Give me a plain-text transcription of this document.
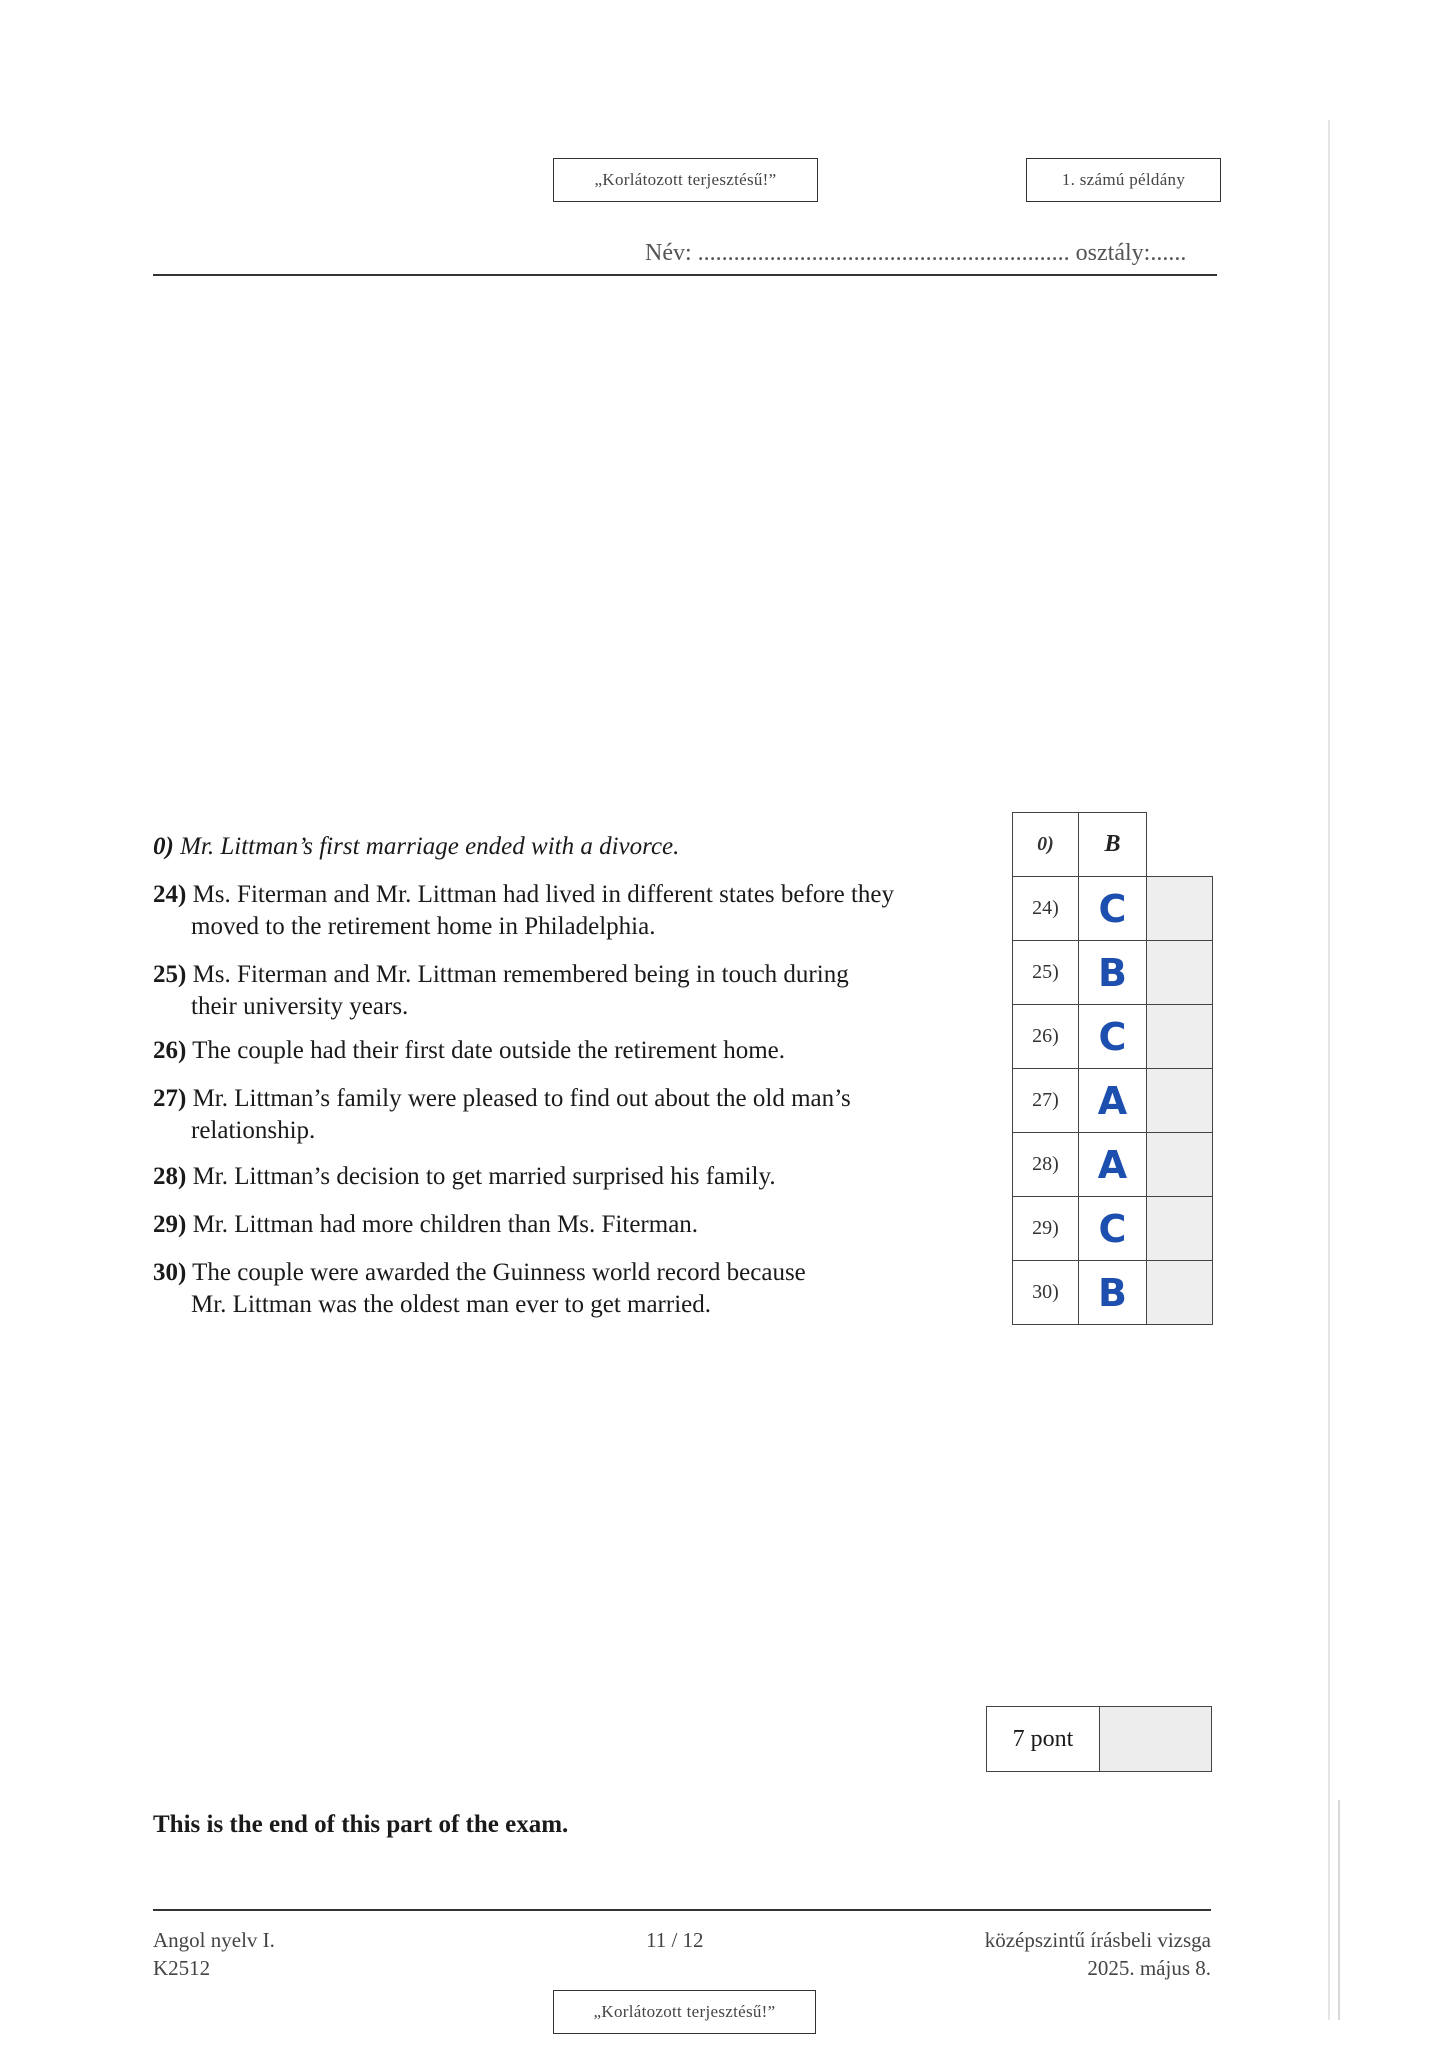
„Korlátozott terjesztésű!”	1. számú példány
Név: .............................................................. osztály:......
0) Mr. Littman’s first marriage ended with a divorce.
24) Ms. Fiterman and Mr. Littman had lived in different states before they
moved to the retirement home in Philadelphia.
25) Ms. Fiterman and Mr. Littman remembered being in touch during
their university years.
26) The couple had their first date outside the retirement home.
27) Mr. Littman’s family were pleased to find out about the old man’s
relationship.
28) Mr. Littman’s decision to get married surprised his family.
29) Mr. Littman had more children than Ms. Fiterman.
30) The couple were awarded the Guinness world record because
Mr. Littman was the oldest man ever to get married.
0)	B	
24)	C	
25)	B	
26)	C	
27)	A	
28)	A	
29)	C	
30)	B	
7 pont
This is the end of this part of the exam.
Angol nyelv I.
K2512
11 / 12	középszintű írásbeli vizsga
2025. május 8.
„Korlátozott terjesztésű!”
